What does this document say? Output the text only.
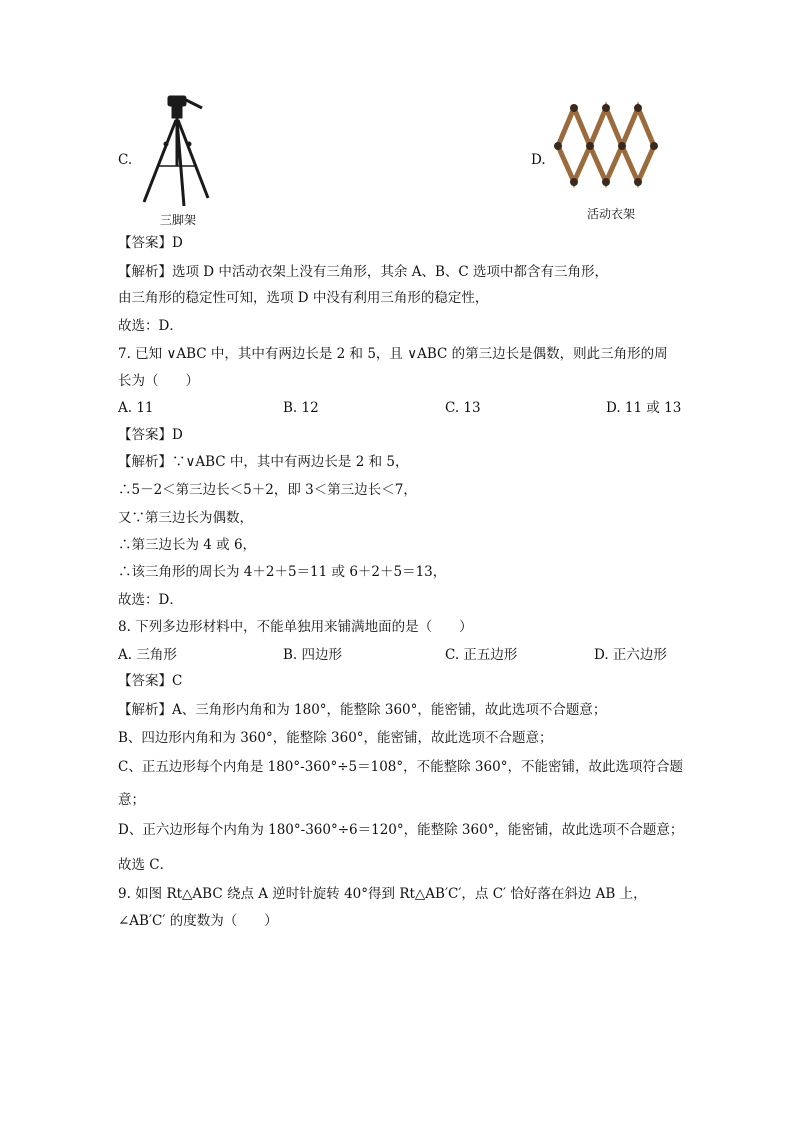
C.
三脚架
D.
活动衣架
【答案】D
【解析】选项 D 中活动衣架上没有三角形，其余 A、B、C 选项中都含有三角形，
由三角形的稳定性可知，选项 D 中没有利用三角形的稳定性，
故选：D．
7. 已知 ∨ABC 中，其中有两边长是 2 和 5，且 ∨ABC 的第三边长是偶数，则此三角形的周
长为（　　）
A. 11	B. 12	C. 13	D. 11 或 13
【答案】D
【解析】∵∨ABC 中，其中有两边长是 2 和 5，
∴5－2＜第三边长＜5＋2，即 3＜第三边长＜7，
又∵第三边长为偶数，
∴第三边长为 4 或 6，
∴该三角形的周长为 4＋2＋5＝11 或 6＋2＋5＝13，
故选：D．
8. 下列多边形材料中，不能单独用来铺满地面的是（　　）
A. 三角形	B. 四边形	C. 正五边形	D. 正六边形
【答案】C
【解析】A、三角形内角和为 180°，能整除 360°，能密铺，故此选项不合题意；
B、四边形内角和为 360°，能整除 360°，能密铺，故此选项不合题意；
C、正五边形每个内角是 180°-360°÷5＝108°，不能整除 360°，不能密铺，故此选项符合题
意；
D、正六边形每个内角为 180°-360°÷6＝120°，能整除 360°，能密铺，故此选项不合题意；
故选 C．
9. 如图 Rt△ABC 绕点 A 逆时针旋转 40°得到 Rt△AB′C′，点 C′ 恰好落在斜边 AB 上，
∠AB′C′ 的度数为（　　）
